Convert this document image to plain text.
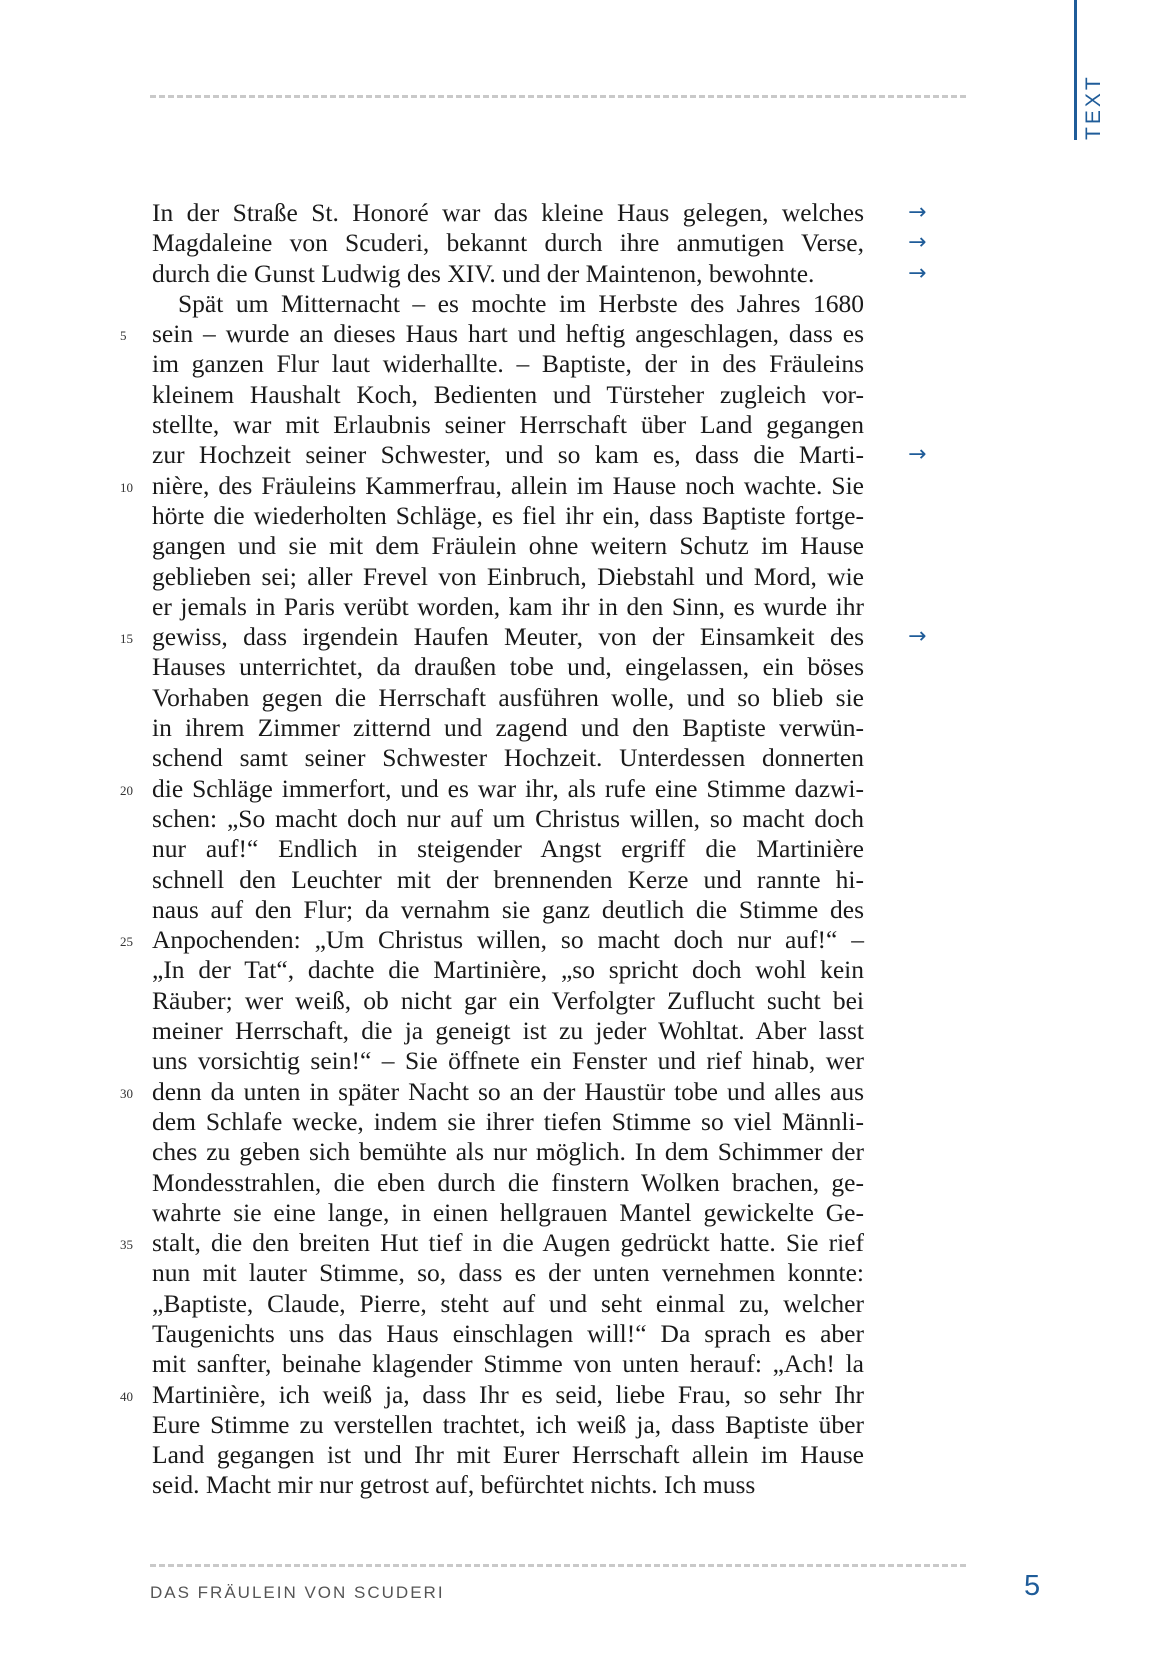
TEXT
In der Straße St. Honoré war das kleine Haus gelegen, welches →
Magdaleine von Scuderi, bekannt durch ihre anmutigen Verse, →
durch die Gunst Ludwig des XIV. und der Maintenon, bewohnte.	→
Spät um Mitternacht – es mochte im Herbste des Jahres 1680
sein – wurde an dieses Haus hart und heftig angeschlagen, dass es
5
im ganzen Flur laut widerhallte. – Baptiste, der in des Fräuleins
kleinem Haushalt Koch, Bedienten und Türsteher zugleich vor-
stellte, war mit Erlaubnis seiner Herrschaft über Land gegangen
zur Hochzeit seiner Schwester, und so kam es, dass die Marti- →
nière, des Fräuleins Kammerfrau, allein im Hause noch wachte. Sie
10
hörte die wiederholten Schläge, es fiel ihr ein, dass Baptiste fortge-
gangen und sie mit dem Fräulein ohne weitern Schutz im Hause
geblieben sei; aller Frevel von Einbruch, Diebstahl und Mord, wie
er jemals in Paris verübt worden, kam ihr in den Sinn, es wurde ihr
gewiss, dass irgendein Haufen Meuter, von der Einsamkeit des
15	→
Hauses unterrichtet, da draußen tobe und, eingelassen, ein böses
Vorhaben gegen die Herrschaft ausführen wolle, und so blieb sie
in ihrem Zimmer zitternd und zagend und den Baptiste verwün-
schend samt seiner Schwester Hochzeit. Unterdessen donnerten
die Schläge immerfort, und es war ihr, als rufe eine Stimme dazwi-
20
schen: „So macht doch nur auf um Christus willen, so macht doch
nur auf!“ Endlich in steigender Angst ergriff die Martinière
schnell den Leuchter mit der brennenden Kerze und rannte hi-
naus auf den Flur; da vernahm sie ganz deutlich die Stimme des
Anpochenden: „Um Christus willen, so macht doch nur auf!“ –
25
„In der Tat“, dachte die Martinière, „so spricht doch wohl kein
Räuber; wer weiß, ob nicht gar ein Verfolgter Zuflucht sucht bei
meiner Herrschaft, die ja geneigt ist zu jeder Wohltat. Aber lasst
uns vorsichtig sein!“ – Sie öffnete ein Fenster und rief hinab, wer
denn da unten in später Nacht so an der Haustür tobe und alles aus
30
dem Schlafe wecke, indem sie ihrer tiefen Stimme so viel Männli-
ches zu geben sich bemühte als nur möglich. In dem Schimmer der
Mondesstrahlen, die eben durch die finstern Wolken brachen, ge-
wahrte sie eine lange, in einen hellgrauen Mantel gewickelte Ge-
stalt, die den breiten Hut tief in die Augen gedrückt hatte. Sie rief
35
nun mit lauter Stimme, so, dass es der unten vernehmen konnte:
„Baptiste, Claude, Pierre, steht auf und seht einmal zu, welcher
Taugenichts uns das Haus einschlagen will!“ Da sprach es aber
mit sanfter, beinahe klagender Stimme von unten herauf: „Ach! la
Martinière, ich weiß ja, dass Ihr es seid, liebe Frau, so sehr Ihr
40
Eure Stimme zu verstellen trachtet, ich weiß ja, dass Baptiste über
Land gegangen ist und Ihr mit Eurer Herrschaft allein im Hause
seid. Macht mir nur getrost auf, befürchtet nichts. Ich muss
DAS FRÄULEIN VON SCUDERI	5
